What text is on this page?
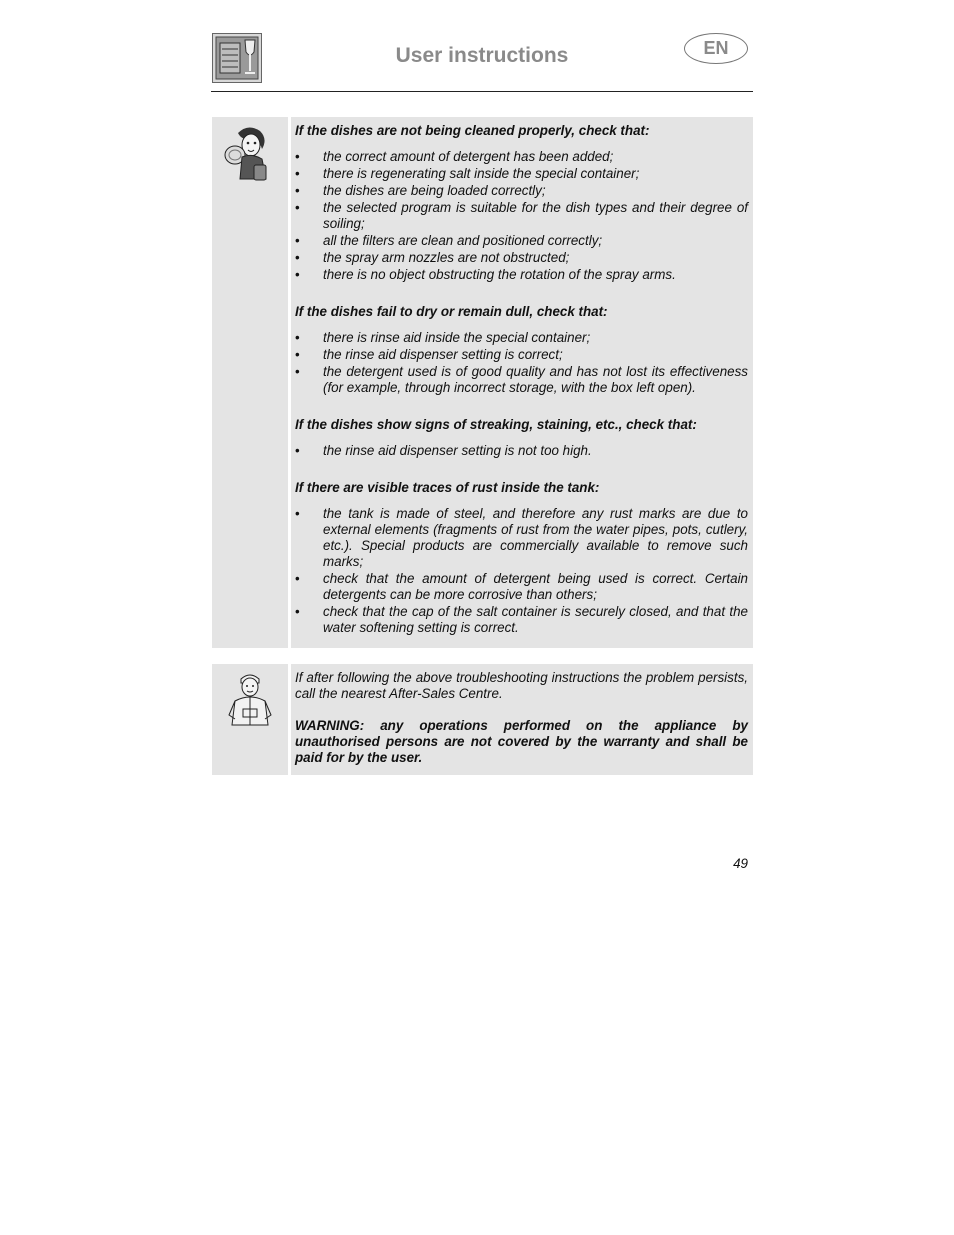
User instructions	EN
If the dishes are not being cleaned properly, check that:
• the correct amount of detergent has been added;
• there is regenerating salt inside the special container;
• the dishes are being loaded correctly;
• the selected program is suitable for the dish types and their degree of soiling;
• all the filters are clean and positioned correctly;
• the spray arm nozzles are not obstructed;
• there is no object obstructing the rotation of the spray arms.
If the dishes fail to dry or remain dull, check that:
• there is rinse aid inside the special container;
• the rinse aid dispenser setting is correct;
• the detergent used is of good quality and has not lost its effectiveness (for example, through incorrect storage, with the box left open).
If the dishes show signs of streaking, staining, etc., check that:
• the rinse aid dispenser setting is not too high.
If there are visible traces of rust inside the tank:
• the tank is made of steel, and therefore any rust marks are due to external elements (fragments of rust from the water pipes, pots, cutlery, etc.). Special products are commercially available to remove such marks;
• check that the amount of detergent being used is correct. Certain detergents can be more corrosive than others;
• check that the cap of the salt container is securely closed, and that the water softening setting is correct.

If after following the above troubleshooting instructions the problem persists, call the nearest After-Sales Centre.

WARNING: any operations performed on the appliance by unauthorised persons are not covered by the warranty and shall be paid for by the user.

49
